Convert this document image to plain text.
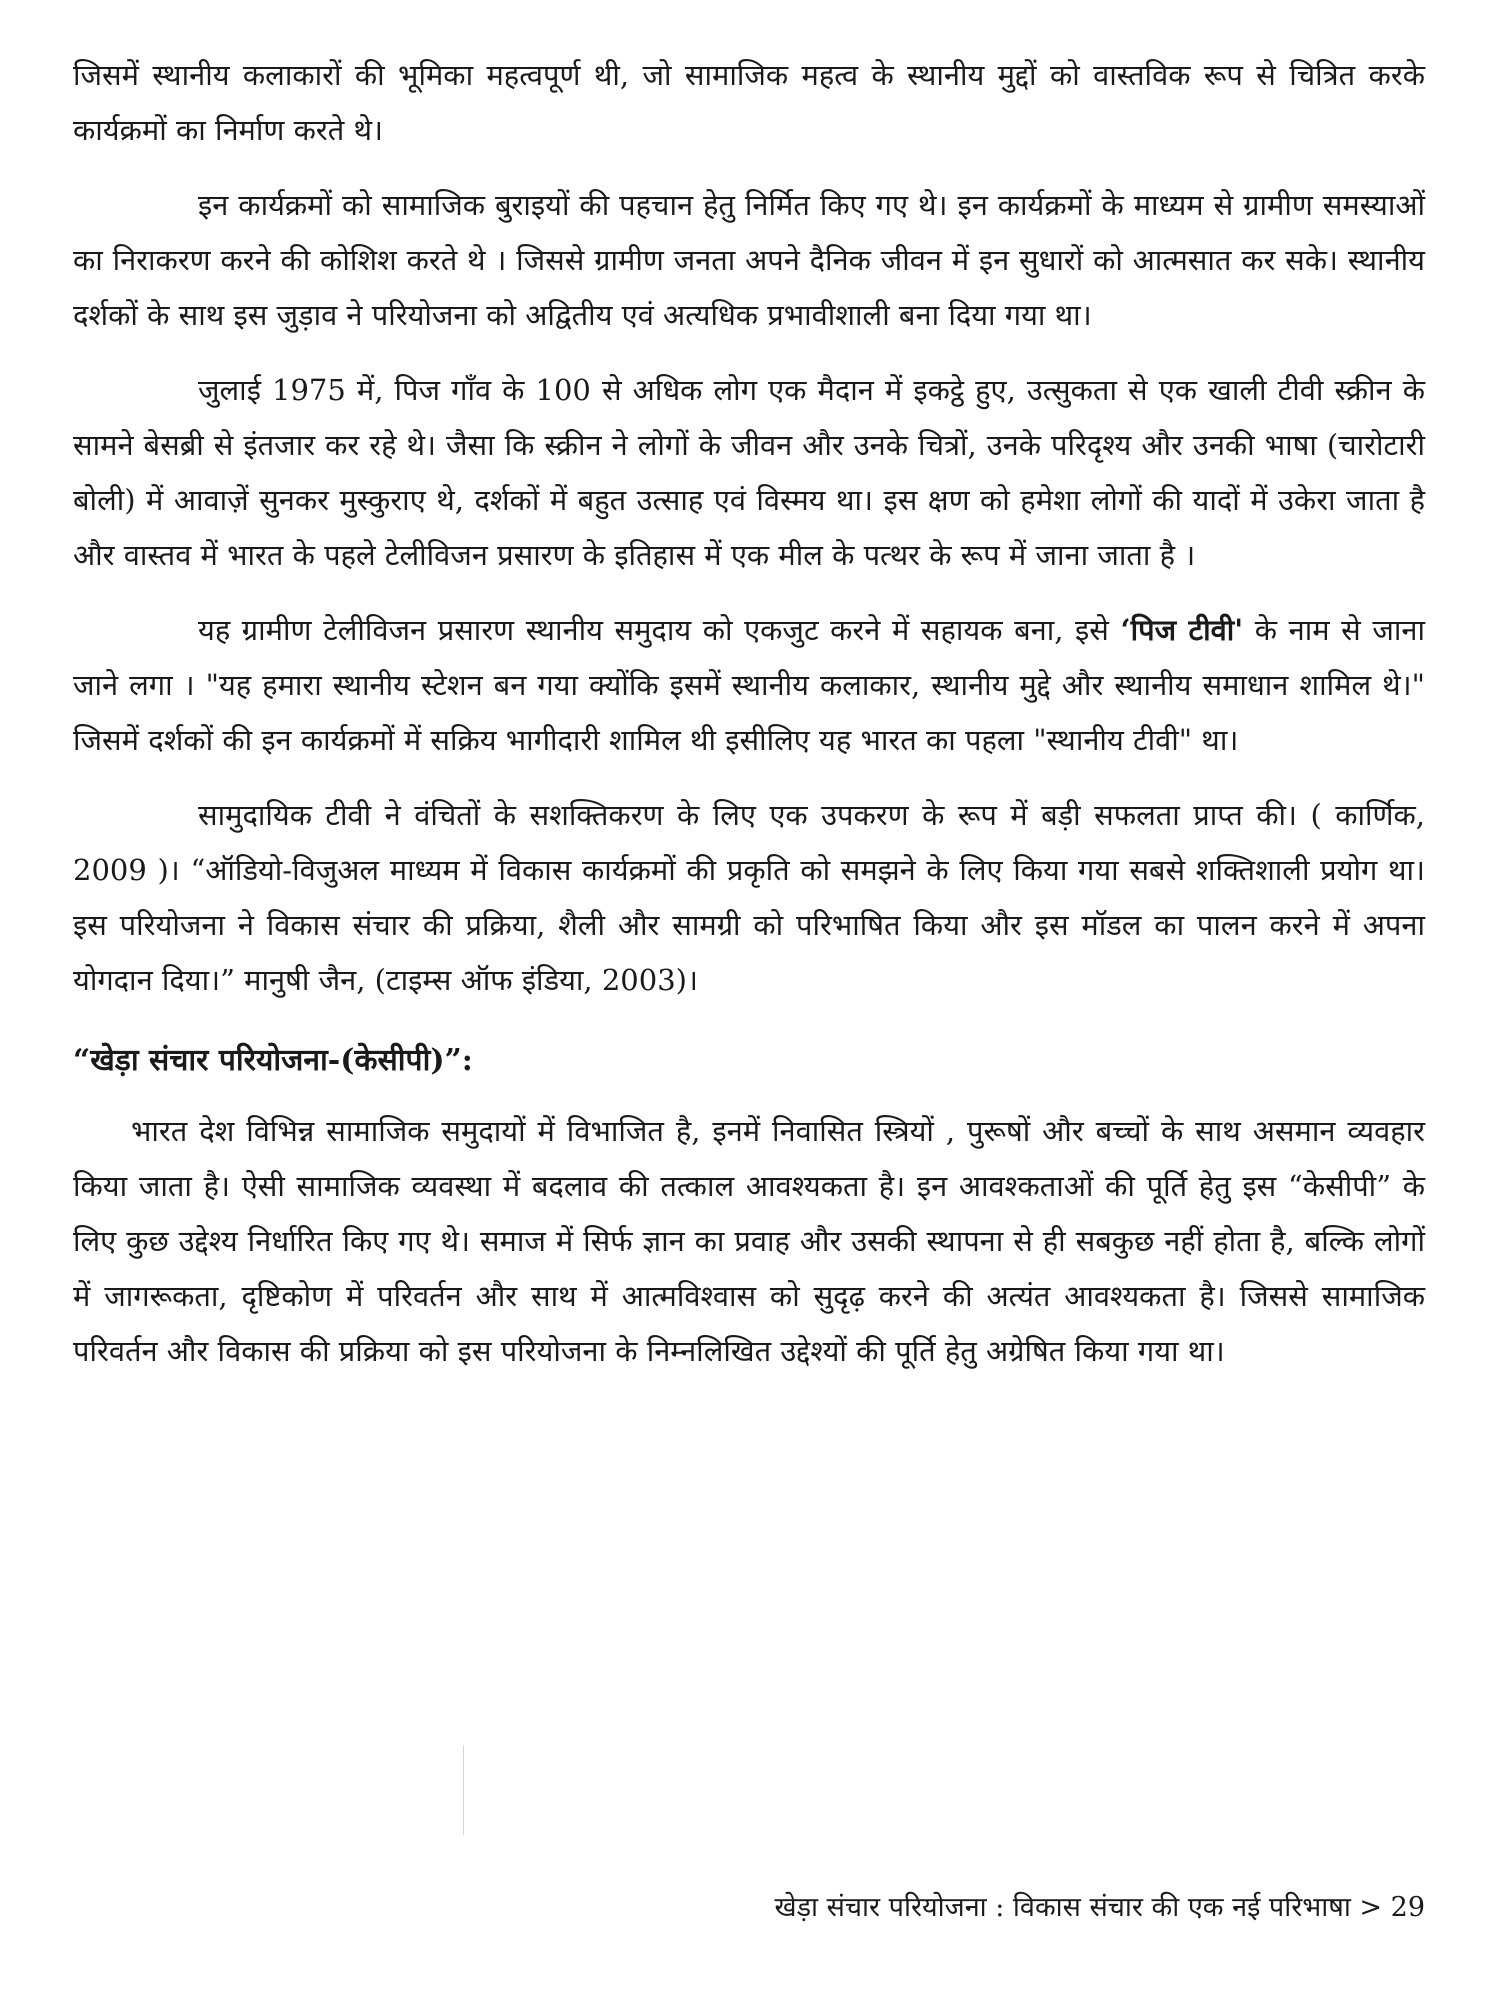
जिसमें स्थानीय कलाकारों की भूमिका महत्वपूर्ण थी, जो सामाजिक महत्व के स्थानीय मुद्दों को वास्तविक रूप से चित्रित करके कार्यक्रमों का निर्माण करते थे।

इन कार्यक्रमों को सामाजिक बुराइयों की पहचान हेतु निर्मित किए गए थे। इन कार्यक्रमों के माध्यम से ग्रामीण समस्याओं का निराकरण करने की कोशिश करते थे । जिससे ग्रामीण जनता अपने दैनिक जीवन में इन सुधारों को आत्मसात कर सके। स्थानीय दर्शकों के साथ इस जुड़ाव ने परियोजना को अद्वितीय एवं अत्यधिक प्रभावीशाली बना दिया गया था।

जुलाई 1975 में, पिज गाँव के 100 से अधिक लोग एक मैदान में इकट्ठे हुए, उत्सुकता से एक खाली टीवी स्क्रीन के सामने बेसब्री से इंतजार कर रहे थे। जैसा कि स्क्रीन ने लोगों के जीवन और उनके चित्रों, उनके परिदृश्य और उनकी भाषा (चारोटारी बोली) में आवाज़ें सुनकर मुस्कुराए थे, दर्शकों में बहुत उत्साह एवं विस्मय था। इस क्षण को हमेशा लोगों की यादों में उकेरा जाता है और वास्तव में भारत के पहले टेलीविजन प्रसारण के इतिहास में एक मील के पत्थर के रूप में जाना जाता है ।

यह ग्रामीण टेलीविजन प्रसारण स्थानीय समुदाय को एकजुट करने में सहायक बना, इसे ‘पिज टीवी' के नाम से जाना जाने लगा । "यह हमारा स्थानीय स्टेशन बन गया क्योंकि इसमें स्थानीय कलाकार, स्थानीय मुद्दे और स्थानीय समाधान शामिल थे।" जिसमें दर्शकों की इन कार्यक्रमों में सक्रिय भागीदारी शामिल थी इसीलिए यह भारत का पहला "स्थानीय टीवी" था।

सामुदायिक टीवी ने वंचितों के सशक्तिकरण के लिए एक उपकरण के रूप में बड़ी सफलता प्राप्त की। ( कार्णिक, 2009 )। “ऑडियो-विजुअल माध्यम में विकास कार्यक्रमों की प्रकृति को समझने के लिए किया गया सबसे शक्तिशाली प्रयोग था। इस परियोजना ने विकास संचार की प्रक्रिया, शैली और सामग्री को परिभाषित किया और इस मॉडल का पालन करने में अपना योगदान दिया।” मानुषी जैन, (टाइम्स ऑफ इंडिया, 2003)।

“खेड़ा संचार परियोजना-(केसीपी)”:

भारत देश विभिन्न सामाजिक समुदायों में विभाजित है, इनमें निवासित स्त्रियों , पुरूषों और बच्चों के साथ असमान व्यवहार किया जाता है। ऐसी सामाजिक व्यवस्था में बदलाव की तत्काल आवश्यकता है। इन आवश्कताओं की पूर्ति हेतु इस “केसीपी” के लिए कुछ उद्देश्य निर्धारित किए गए थे। समाज में सिर्फ ज्ञान का प्रवाह और उसकी स्थापना से ही सबकुछ नहीं होता है, बल्कि लोगों में जागरूकता, दृष्टिकोण में परिवर्तन और साथ में आत्मविश्वास को सुदृढ़ करने की अत्यंत आवश्यकता है। जिससे सामाजिक परिवर्तन और विकास की प्रक्रिया को इस परियोजना के निम्नलिखित उद्देश्यों की पूर्ति हेतु अग्रेषित किया गया था।

खेड़ा संचार परियोजना : विकास संचार की एक नई परिभाषा > 29
